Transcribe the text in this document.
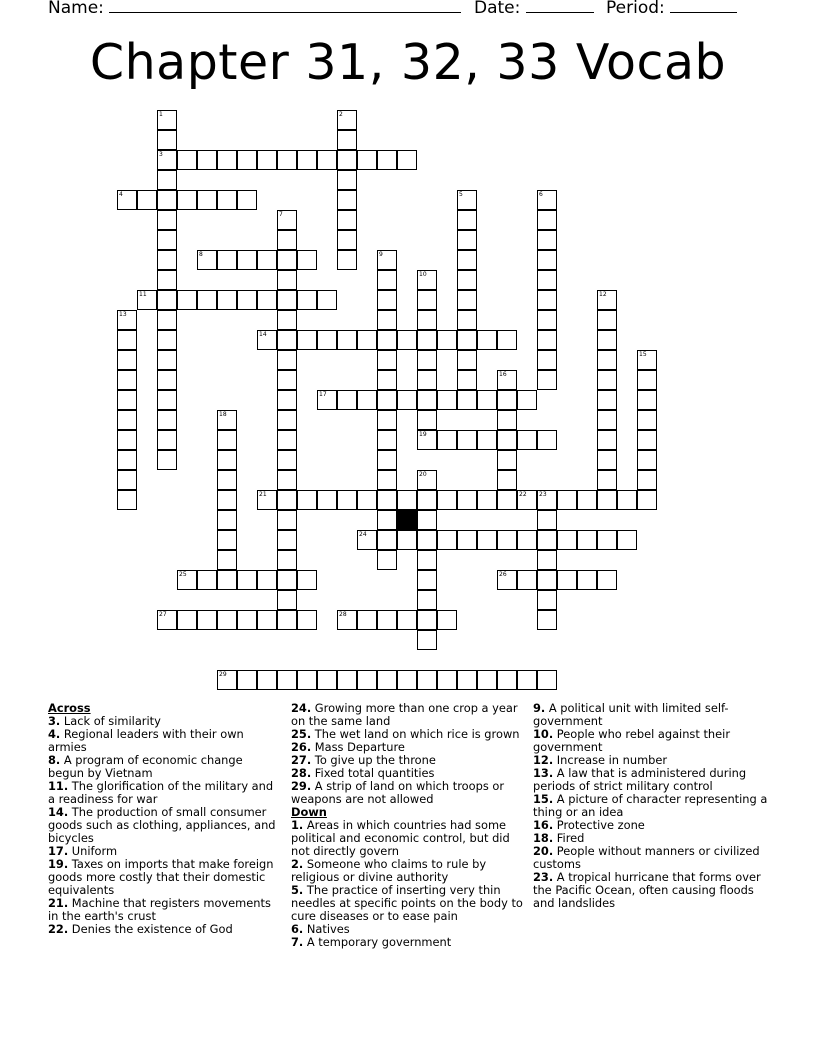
Name:	Date:	Period:
Chapter 31, 32, 33 Vocab
1	2
3
4	5	6
7
8	9
10
11	12
13
14
15
16
17
18
19
20
21	22 23
24
25	26
27	28
29

Across

3. Lack of similarity

4. Regional leaders with their own armies

8. A program of economic change begun by Vietnam

11. The glorification of the military and a readiness for war

14. The production of small consumer goods such as clothing, appliances, and bicycles

17. Uniform

19. Taxes on imports that make foreign goods more costly that their domestic equivalents

21. Machine that registers movements in the earth's crust

22. Denies the existence of God

24. Growing more than one crop a year on the same land

25. The wet land on which rice is grown

26. Mass Departure

27. To give up the throne

28. Fixed total quantities

29. A strip of land on which troops or weapons are not allowed

Down

1. Areas in which countries had some political and economic control, but did not directly govern

2. Someone who claims to rule by religious or divine authority

5. The practice of inserting very thin needles at specific points on the body to cure diseases or to ease pain

6. Natives

7. A temporary government

9. A political unit with limited self-government

10. People who rebel against their government

12. Increase in number

13. A law that is administered during periods of strict military control

15. A picture of character representing a thing or an idea

16. Protective zone

18. Fired

20. People without manners or civilized customs

23. A tropical hurricane that forms over the Pacific Ocean, often causing floods and landslides
